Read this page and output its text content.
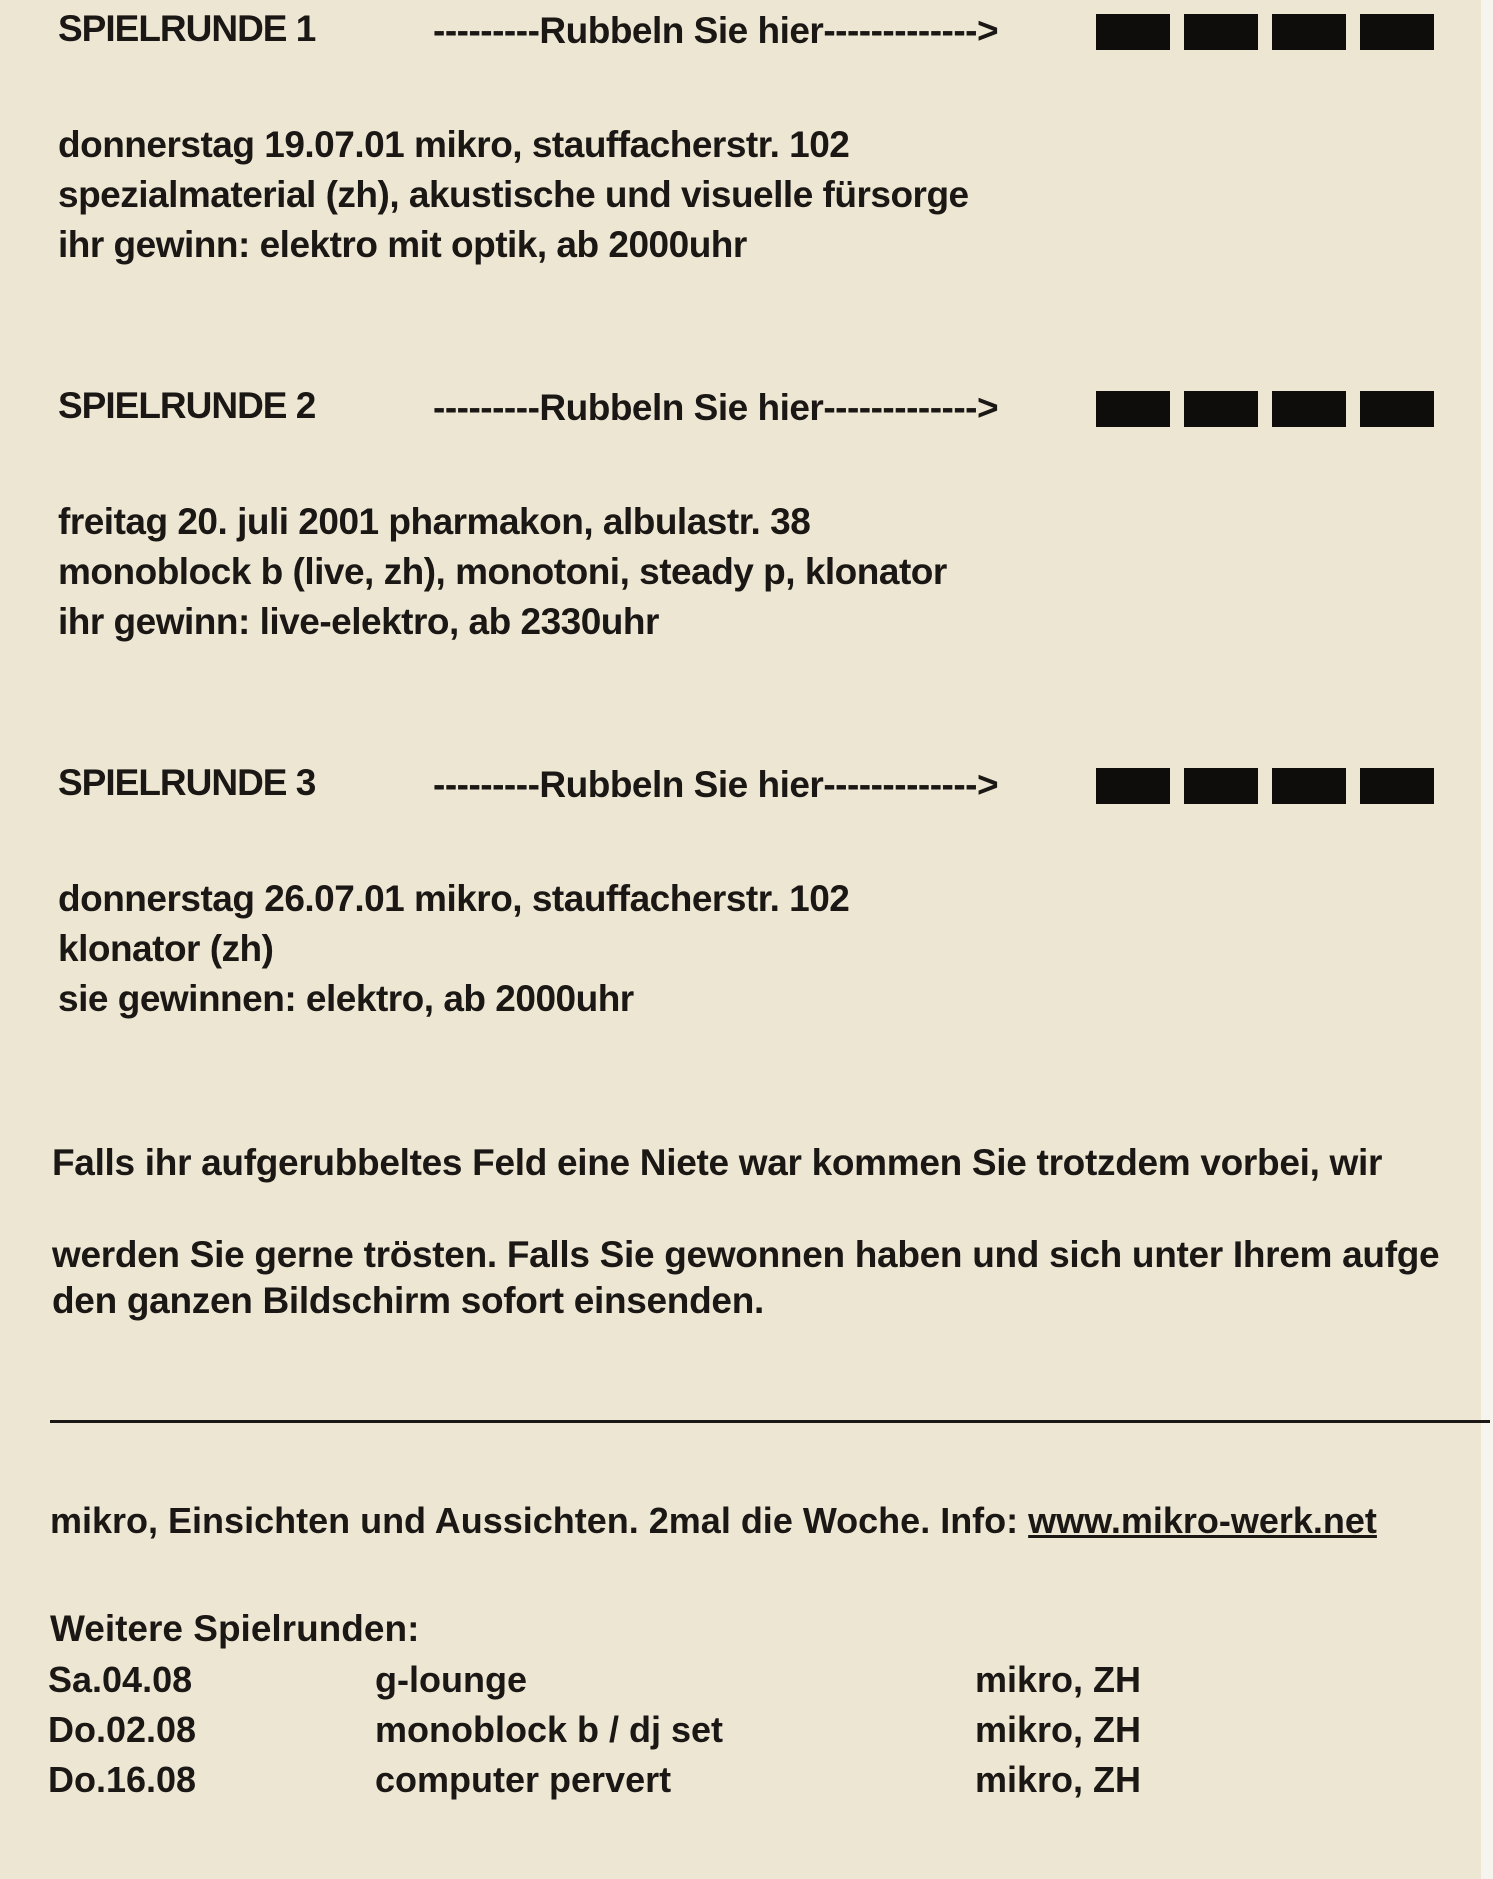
SPIELRUNDE 1	---------Rubbeln Sie hier------------->
donnerstag 19.07.01 mikro, stauffacherstr. 102
spezialmaterial (zh), akustische und visuelle fürsorge
ihr gewinn: elektro mit optik, ab 2000uhr
SPIELRUNDE 2	---------Rubbeln Sie hier------------->
freitag 20. juli 2001 pharmakon, albulastr. 38
monoblock b (live, zh), monotoni, steady p, klonator
ihr gewinn: live-elektro, ab 2330uhr
SPIELRUNDE 3	---------Rubbeln Sie hier------------->
donnerstag 26.07.01 mikro, stauffacherstr. 102
klonator (zh)
sie gewinnen: elektro, ab 2000uhr
Falls ihr aufgerubbeltes Feld eine Niete war kommen Sie trotzdem vorbei, wir
werden Sie gerne trösten. Falls Sie gewonnen haben und sich unter Ihrem aufge
den ganzen Bildschirm sofort einsenden.
mikro, Einsichten und Aussichten. 2mal die Woche. Info: www.mikro-werk.net
Weitere Spielrunden:
Sa.04.08	g-lounge	mikro, ZH
Do.02.08	monoblock b / dj set	mikro, ZH
Do.16.08	computer pervert	mikro, ZH
